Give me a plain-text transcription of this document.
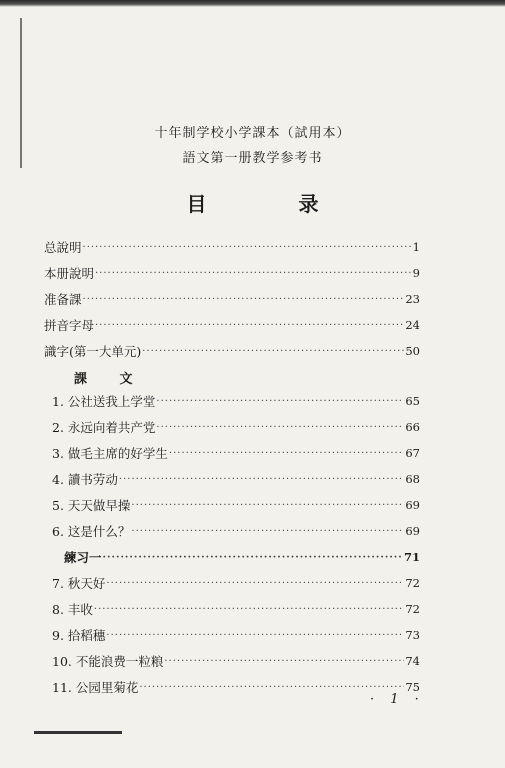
十年制学校小学課本（試用本）
語文第一册教学参考书
目　录
总說明 ·····	1
本册說明 ·····	9
准备課 ·····	23
拼音字母 ·····	24
識字(第一大单元) ·····	50
課 文
1. 公社送我上学堂 ·····	65
2. 永远向着共产党 ·····	66
3. 做毛主席的好学生 ·····	67
4. 讀书劳动 ·····	68
5. 天天做早操 ·····	69
6. 这是什么？ ·····	69
練习一 ·····	71
7. 秋天好 ·····	72
8. 丰收 ·····	72
9. 拾稻穗 ·····	73
10. 不能浪费一粒粮 ·····	74
11. 公园里菊花 ·····	75
· 1 ·
